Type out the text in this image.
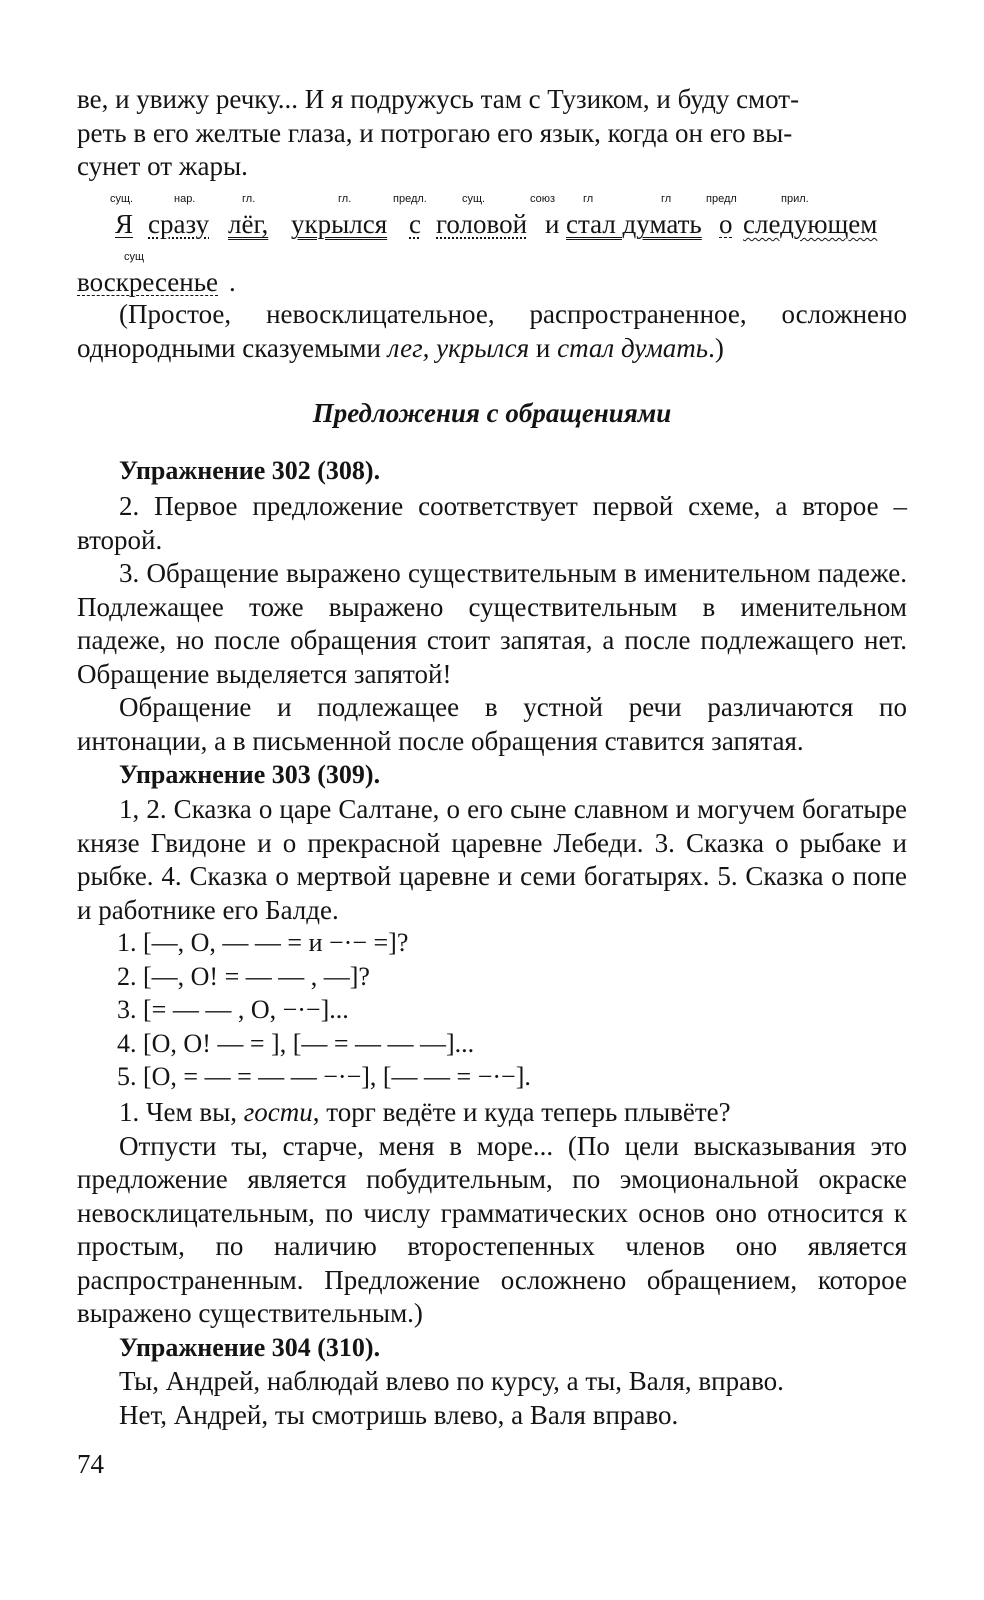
ве, и увижу речку... И я подружусь там с Тузиком, и буду смот-

реть в его желтые глаза, и потрогаю его язык, когда он его вы-

сунет от жары.

сущ.	нар.	гл.	гл.	предл.	сущ.	союз	гл	гл	предл	прил.
Я сразу лёг, укрылся с головой и стал думать о следующем
сущ
воскресенье .

(Простое, невосклицательное, распространенное, осложнено однородными сказуемыми лег, укрылся и стал думать.)

Предложения с обращениями
Упражнение 302 (308).

2. Первое предложение соответствует первой схеме, а второе – второй.

3. Обращение выражено существительным в именительном падеже. Подлежащее тоже выражено существительным в именительном падеже, но после обращения стоит запятая, а после подлежащего нет. Обращение выделяется запятой!

Обращение и подлежащее в устной речи различаются по интонации, а в письменной после обращения ставится запятая.

Упражнение 303 (309).

1, 2. Сказка о царе Салтане, о его сыне славном и могучем богатыре князе Гвидоне и о прекрасной царевне Лебеди. 3. Сказка о рыбаке и рыбке. 4. Сказка о мертвой царевне и семи богатырях. 5. Сказка о попе и работнике его Балде.

1. [—, О, — — = и −·− =]?
2. [—, О! = — — , ––]?
3. [= — — , О, −·−]...
4. [О, О! — = ], [— = — — ––]...
5. [О, = — = — — −·−], [— — = −·−].

1. Чем вы, гости, торг ведёте и куда теперь плывёте?

Отпусти ты, старче, меня в море... (По цели высказывания это предложение является побудительным, по эмоциональной окраске невосклицательным, по числу грамматических основ оно относится к простым, по наличию второстепенных членов оно является распространенным. Предложение осложнено обращением, которое выражено существительным.)

Упражнение 304 (310).

Ты, Андрей, наблюдай влево по курсу, а ты, Валя, вправо.

Нет, Андрей, ты смотришь влево, а Валя вправо.

74
